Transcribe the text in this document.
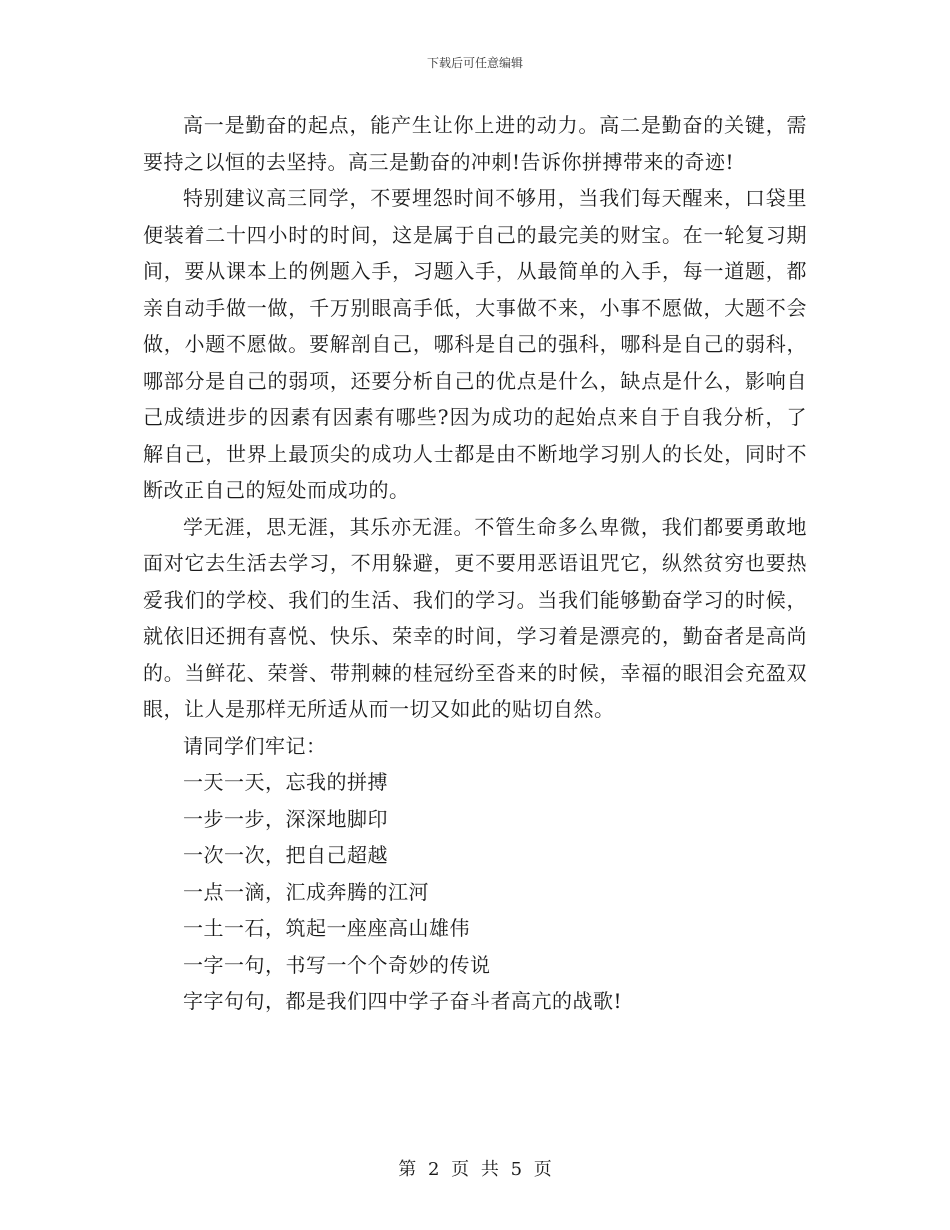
下载后可任意编辑

高一是勤奋的起点，能产生让你上进的动力。高二是勤奋的关键，需要持之以恒的去坚持。高三是勤奋的冲刺!告诉你拼搏带来的奇迹!

特别建议高三同学，不要埋怨时间不够用，当我们每天醒来，口袋里便装着二十四小时的时间，这是属于自己的最完美的财宝。在一轮复习期间，要从课本上的例题入手，习题入手，从最简单的入手，每一道题，都亲自动手做一做，千万别眼高手低，大事做不来，小事不愿做，大题不会做，小题不愿做。要解剖自己，哪科是自己的强科，哪科是自己的弱科，哪部分是自己的弱项，还要分析自己的优点是什么，缺点是什么，影响自己成绩进步的因素有因素有哪些?因为成功的起始点来自于自我分析，了解自己，世界上最顶尖的成功人士都是由不断地学习别人的长处，同时不断改正自己的短处而成功的。

学无涯，思无涯，其乐亦无涯。不管生命多么卑微，我们都要勇敢地面对它去生活去学习，不用躲避，更不要用恶语诅咒它，纵然贫穷也要热爱我们的学校、我们的生活、我们的学习。当我们能够勤奋学习的时候，就依旧还拥有喜悦、快乐、荣幸的时间，学习着是漂亮的，勤奋者是高尚的。当鲜花、荣誉、带荆棘的桂冠纷至沓来的时候，幸福的眼泪会充盈双眼，让人是那样无所适从而一切又如此的贴切自然。

请同学们牢记：

一天一天，忘我的拼搏

一步一步，深深地脚印

一次一次，把自己超越

一点一滴，汇成奔腾的江河

一土一石，筑起一座座高山雄伟

一字一句，书写一个个奇妙的传说

字字句句，都是我们四中学子奋斗者高亢的战歌!

第 2 页 共 5 页
